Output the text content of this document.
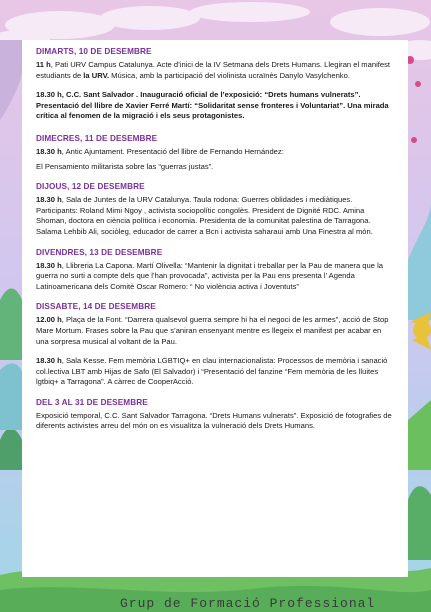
DIMARTS, 10 DE DESEMBRE

11 h, Pati URV Campus Catalunya. Acte d’inici de la IV Setmana dels Drets Humans. Llegiran el manifest estudiants de la URV. Música, amb la participació del violinista ucraïnès Danylo Vasylchenko.

18.30 h, C.C. Sant Salvador . Inauguració oficial de l’exposició: “Drets humans vulnerats”. Presentació del llibre de Xavier Ferré Martí: “Solidaritat sense fronteres i Voluntariat”. Una mirada crítica al fenomen de la migració i els seus protagonistes.

DIMECRES, 11 DE DESEMBRE

18.30 h, Antic Ajuntament. Presentació del llibre de Fernando Hernández:

El Pensamiento militarista sobre las “guerras justas”.

DIJOUS, 12 DE DESEMBRE

18.30 h, Sala de Juntes de la URV Catalunya. Taula rodona: Guerres oblidades i mediàtiques. Participants: Roland Mimi Ngoy , activista sociopolític congolès. President de Dignité RDC. Amina Shoman, doctora en ciència política i economia. Presidenta de la comunitat palestina de Tarragona. Salama Lehbib Ali, sociòleg, educador de carrer a Bcn i activista saharaui amb Una Finestra al món.

DIVENDRES, 13 DE DESEMBRE

18.30 h, Llibreria La Capona. Martí Olivella: “Mantenir la dignitat i treballar per la Pau de manera que la guerra no surti a compte dels que l’han provocada”, activista per la Pau ens presenta l’ Agenda Latinoamericana dels Comitè Oscar Romero: “ No violència activa i Joventuts”

DISSABTE, 14 DE DESEMBRE

12.00 h, Plaça de la Font. “Darrera qualsevol guerra sempre hi ha el negoci de les armes”, acció de Stop Mare Mortum. Frases sobre la Pau que s’aniran ensenyant mentre es llegeix el manifest per acabar en una sorpresa musical al voltant de la Pau.

18.30 h, Sala Kesse. Fem memòria LGBTIQ+ en clau internacionalista: Processos de memòria i sanació col.lectiva LBT amb Hijas de Safo (El Salvador) i “Presentació del fanzine “Fem memòria de les lluites lgtbiq+ a Tarragona”. A càrrec de CooperAcció.

DEL 3 AL 31 DE DESEMBRE

Exposició temporal, C.C. Sant Salvador Tarragona. “Drets Humans vulnerats”. Exposició de fotografies de diferents activistes arreu del món on es visualitza la vulneració dels Drets Humans.

Grup de Formació Professional
